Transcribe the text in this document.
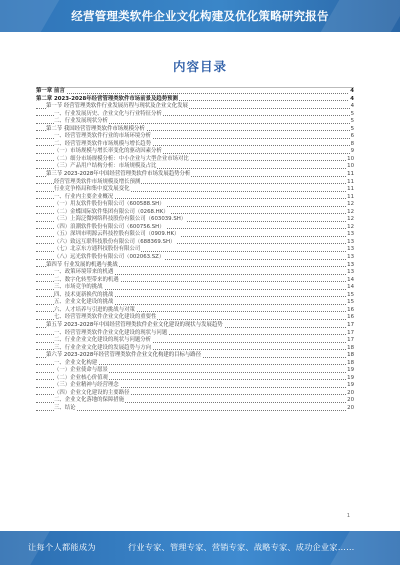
经营管理类软件企业文化构建及优化策略研究报告
内容目录
第一章 前言	4
第二章 2023-2028年经营管理类软件市场前景及趋势预测	4
第一节 经营管理类软件行业发展历程与现状及企业文化发展	4
一、行业发展历史、企业文化与行业特征分析	5
二、行业发展现状分析	5
第二节 我国经营管理类软件市场规模分析	5
一、经营管理类软件行业的市场环境分析	6
二、经营管理类软件市场规模与增长趋势	8
（一）市场规模与增长率变化的驱动因素分析	9
（二）细分市场规模分析：中小企业与大型企业市场对比	10
（三）产品用户结构分析：市场规模及占比	10
第三节 2023-2028年中国经营管理类软件市场发展趋势分析	11
经营管理类软件市场规模及增长预测	11
行业竞争格局和集中度发展变化	11
一、行业内主要企业概况	11
（一）用友软件股份有限公司（600588.SH）	12
（二）金蝶国际软件集团有限公司（0268.HK）	12
（三）上海泛微网络科技股份有限公司（603039.SH）	12
（四）浪潮软件股份有限公司（600756.SH）	12
（五）深圳市明源云科技控股有限公司（0909.HK）	13
（六）致远互联科技股份有限公司（688369.SH）	13
（七）北京东方通科技股份有限公司	13
（八）远光软件股份有限公司（002063.SZ）	13
第四节 行业发展的机遇与挑战	13
一、政策环境带来的机遇	13
二、数字化转型带来的机遇	14
三、市场竞争的挑战	14
四、技术更新换代的挑战	15
五、企业文化建设的挑战	15
六、人才培养与引进的挑战与对策	16
七、经营管理类软件企业文化建设的重要性	16
第五节 2023-2028年中国经营管理类软件企业文化建设的现状与发展趋势	17
一、经营管理类软件企业文化建设的现状与问题	17
二、行业企业文化建设的现状与问题分析	17
三、行业企业文化建设的发展趋势与方向	18
第六节 2023-2028年经营管理类软件企业文化构建的目标与路径	18
一、企业文化构建	18
（一）企业使命与愿景	19
（二）企业核心价值观	19
（三）企业精神与经营理念	19
（四）企业文化建设的主要路径	20
二、企业文化落地的保障措施	20
三、结论	20
1
让每个人都能成为	行业专家、管理专家、营销专家、战略专家、成功企业家……
